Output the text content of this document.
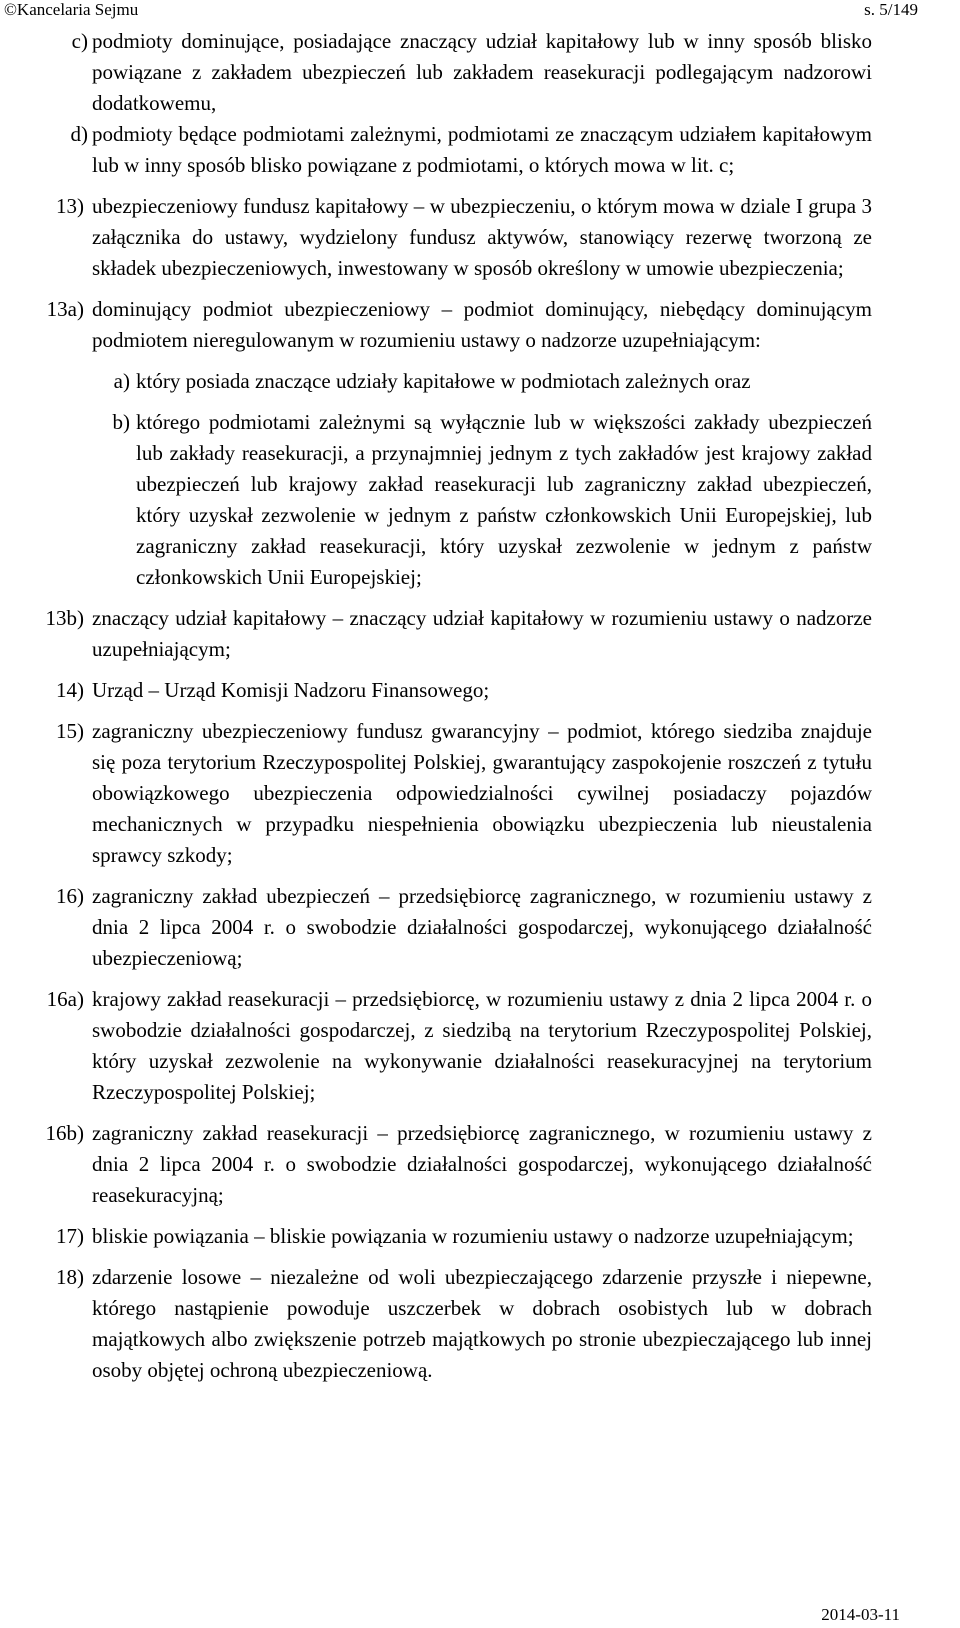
©Kancelaria Sejmu	s. 5/149
c) podmioty dominujące, posiadające znaczący udział kapitałowy lub w inny sposób blisko powiązane z zakładem ubezpieczeń lub zakładem reasekuracji podlegającym nadzorowi dodatkowemu,
d) podmioty będące podmiotami zależnymi, podmiotami ze znaczącym udziałem kapitałowym lub w inny sposób blisko powiązane z podmiotami, o których mowa w lit. c;
13) ubezpieczeniowy fundusz kapitałowy – w ubezpieczeniu, o którym mowa w dziale I grupa 3 załącznika do ustawy, wydzielony fundusz aktywów, stanowiący rezerwę tworzoną ze składek ubezpieczeniowych, inwestowany w sposób określony w umowie ubezpieczenia;
13a) dominujący podmiot ubezpieczeniowy – podmiot dominujący, niebędący dominującym podmiotem nieregulowanym w rozumieniu ustawy o nadzorze uzupełniającym:
a) który posiada znaczące udziały kapitałowe w podmiotach zależnych oraz
b) którego podmiotami zależnymi są wyłącznie lub w większości zakłady ubezpieczeń lub zakłady reasekuracji, a przynajmniej jednym z tych zakładów jest krajowy zakład ubezpieczeń lub krajowy zakład reasekuracji lub zagraniczny zakład ubezpieczeń, który uzyskał zezwolenie w jednym z państw członkowskich Unii Europejskiej, lub zagraniczny zakład reasekuracji, który uzyskał zezwolenie w jednym z państw członkowskich Unii Europejskiej;
13b) znaczący udział kapitałowy – znaczący udział kapitałowy w rozumieniu ustawy o nadzorze uzupełniającym;
14) Urząd – Urząd Komisji Nadzoru Finansowego;
15) zagraniczny ubezpieczeniowy fundusz gwarancyjny – podmiot, którego siedziba znajduje się poza terytorium Rzeczypospolitej Polskiej, gwarantujący zaspokojenie roszczeń z tytułu obowiązkowego ubezpieczenia odpowiedzialności cywilnej posiadaczy pojazdów mechanicznych w przypadku niespełnienia obowiązku ubezpieczenia lub nieustalenia sprawcy szkody;
16) zagraniczny zakład ubezpieczeń – przedsiębiorcę zagranicznego, w rozumieniu ustawy z dnia 2 lipca 2004 r. o swobodzie działalności gospodarczej, wykonującego działalność ubezpieczeniową;
16a) krajowy zakład reasekuracji – przedsiębiorcę, w rozumieniu ustawy z dnia 2 lipca 2004 r. o swobodzie działalności gospodarczej, z siedzibą na terytorium Rzeczypospolitej Polskiej, który uzyskał zezwolenie na wykonywanie działalności reasekuracyjnej na terytorium Rzeczypospolitej Polskiej;
16b) zagraniczny zakład reasekuracji – przedsiębiorcę zagranicznego, w rozumieniu ustawy z dnia 2 lipca 2004 r. o swobodzie działalności gospodarczej, wykonującego działalność reasekuracyjną;
17) bliskie powiązania – bliskie powiązania w rozumieniu ustawy o nadzorze uzupełniającym;
18) zdarzenie losowe – niezależne od woli ubezpieczającego zdarzenie przyszłe i niepewne, którego nastąpienie powoduje uszczerbek w dobrach osobistych lub w dobrach majątkowych albo zwiększenie potrzeb majątkowych po stronie ubezpieczającego lub innej osoby objętej ochroną ubezpieczeniową.
2014-03-11
